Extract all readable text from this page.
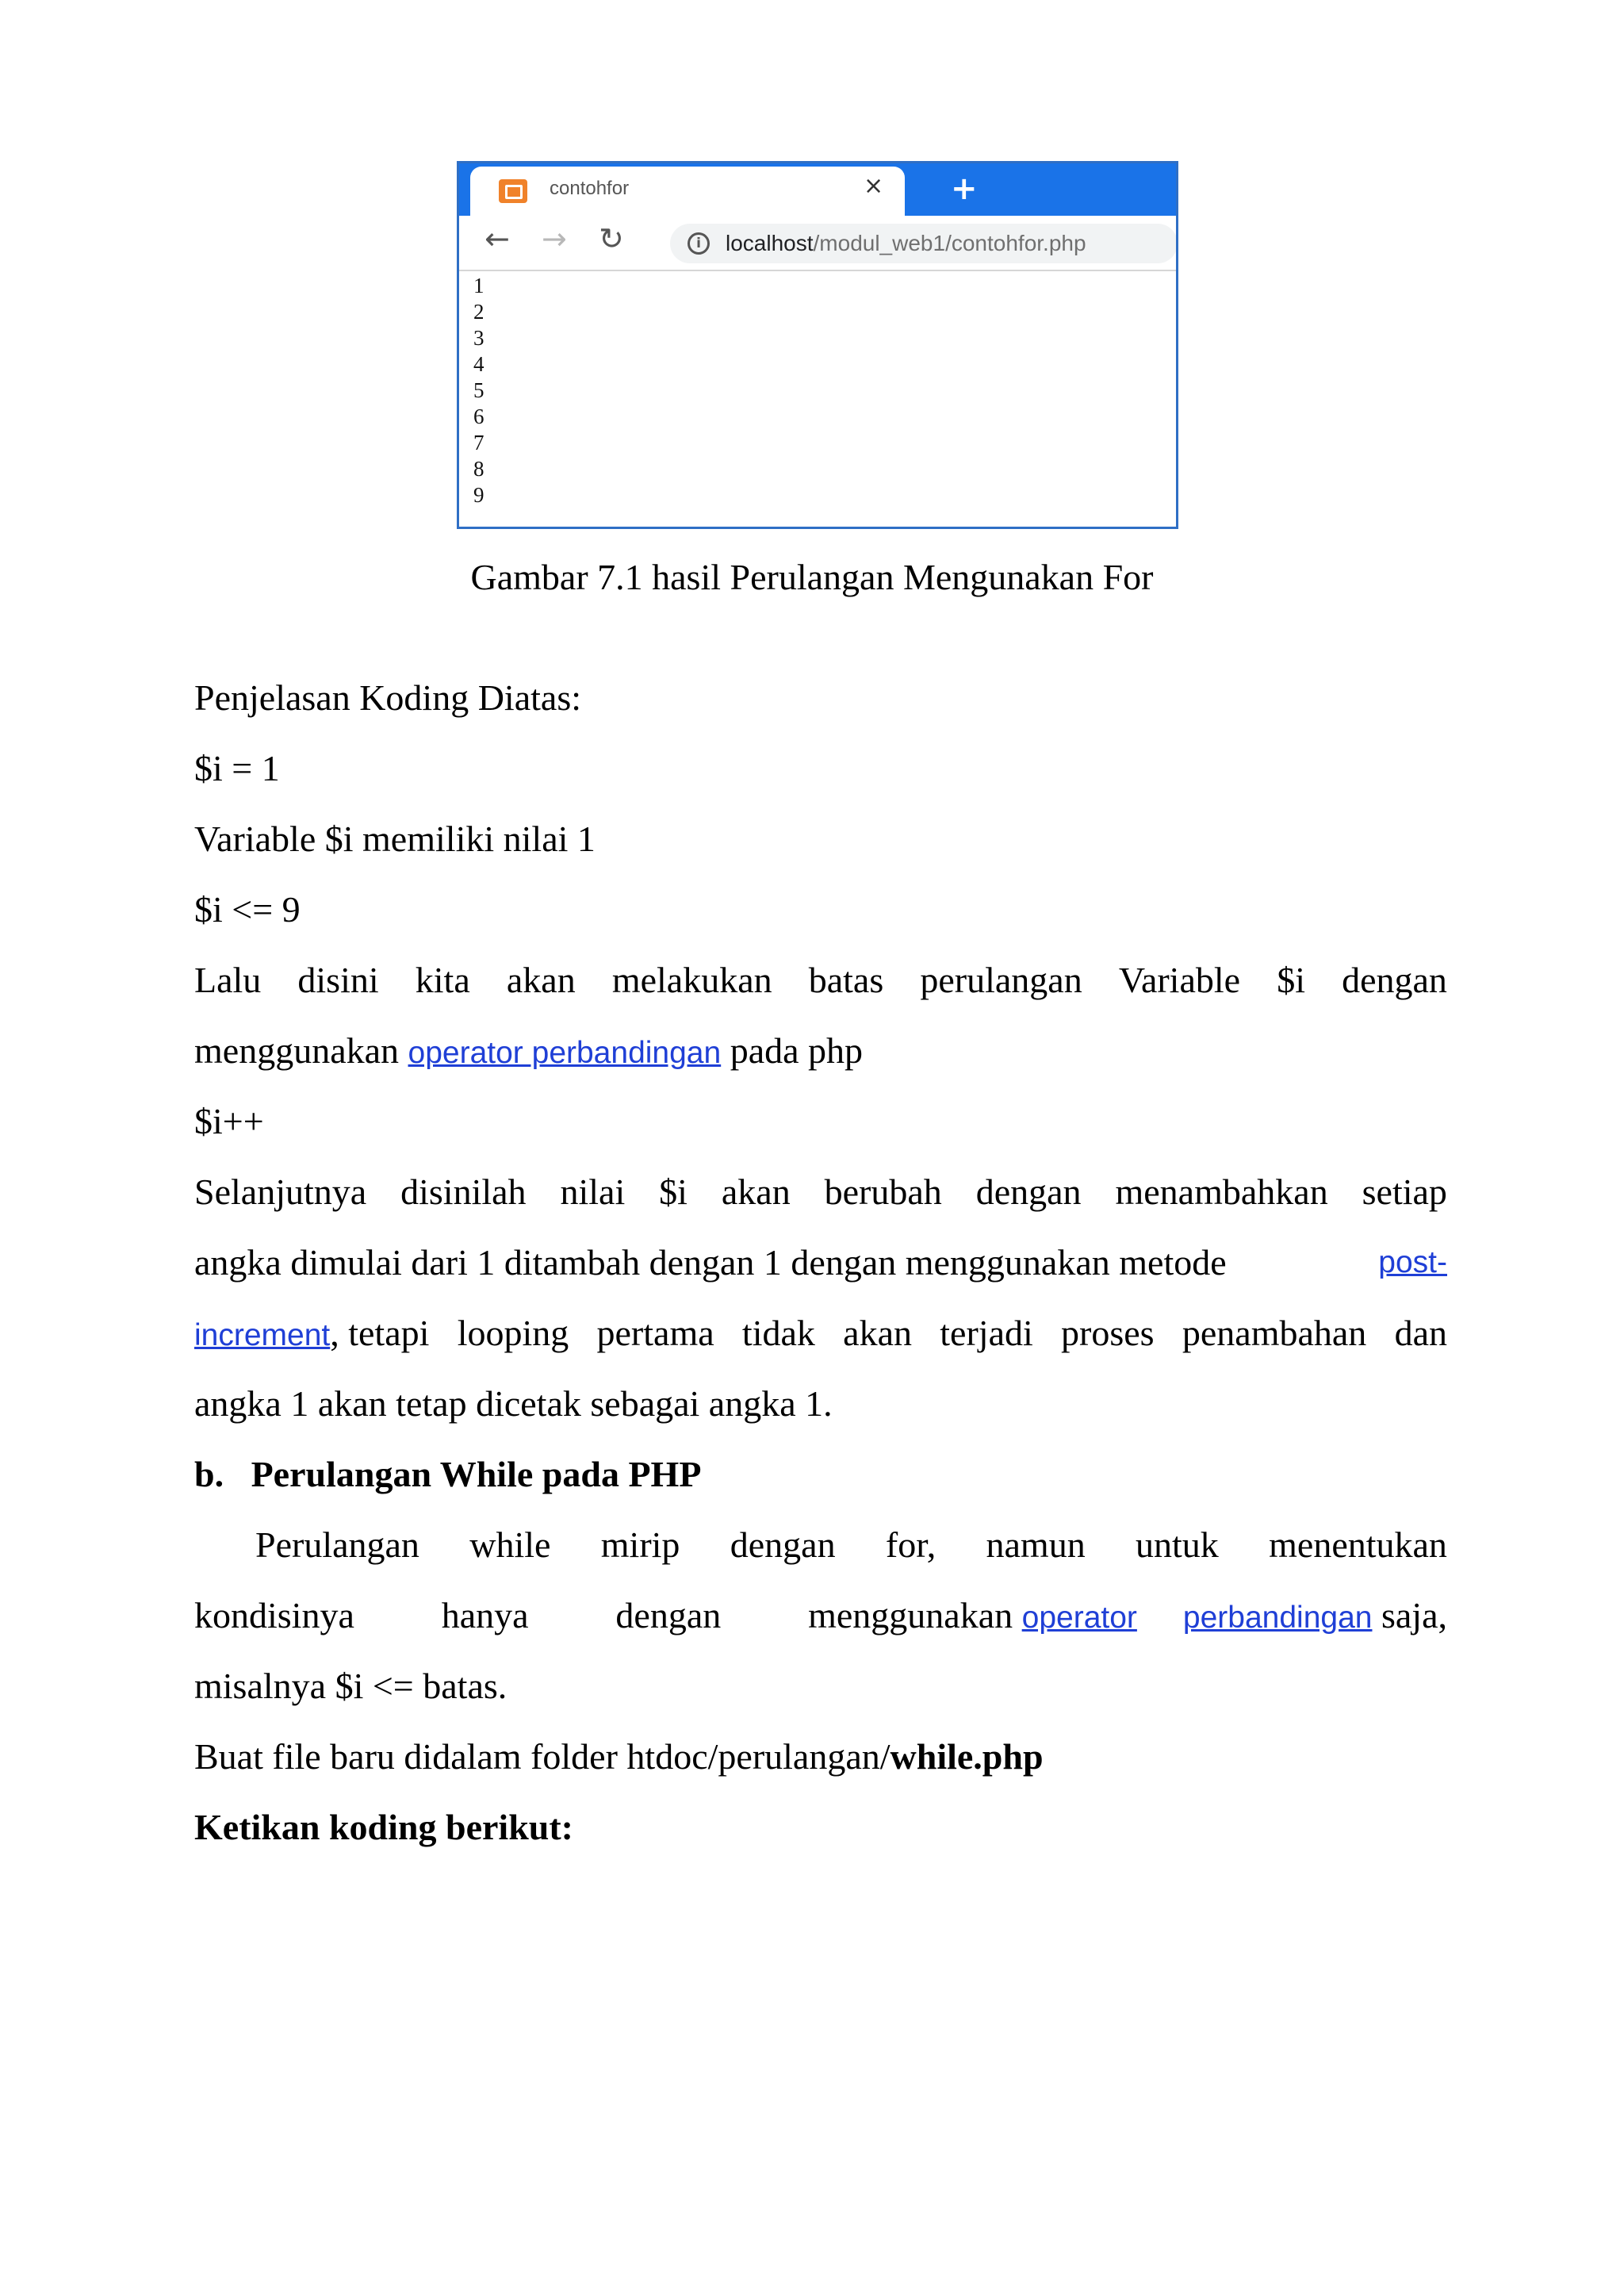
contohfor	× +
← → ↻	i	localhost/modul_web1/contohfor.php
1
2
3
4
5
6
7
8
9
Gambar 7.1 hasil Perulangan Mengunakan For
Penjelasan Koding Diatas:
$i = 1
Variable $i memiliki nilai 1
$i <= 9
Lalu disini kita akan melakukan batas perulangan Variable $i dengan
menggunakan operator perbandingan pada php
$i++
Selanjutnya disinilah nilai $i akan berubah dengan menambahkan setiap
angka dimulai dari 1 ditambah dengan 1 dengan menggunakan metode	post-
increment, tetapi looping pertama tidak akan terjadi proses penambahan dan
angka 1 akan tetap dicetak sebagai angka 1.
b.   Perulangan While pada PHP
Perulangan while mirip dengan for, namun untuk menentukan
kondisinya hanya dengan menggunakan operator perbandingan saja,
misalnya $i <= batas.
Buat file baru didalam folder htdoc/perulangan/while.php
Ketikan koding berikut:
